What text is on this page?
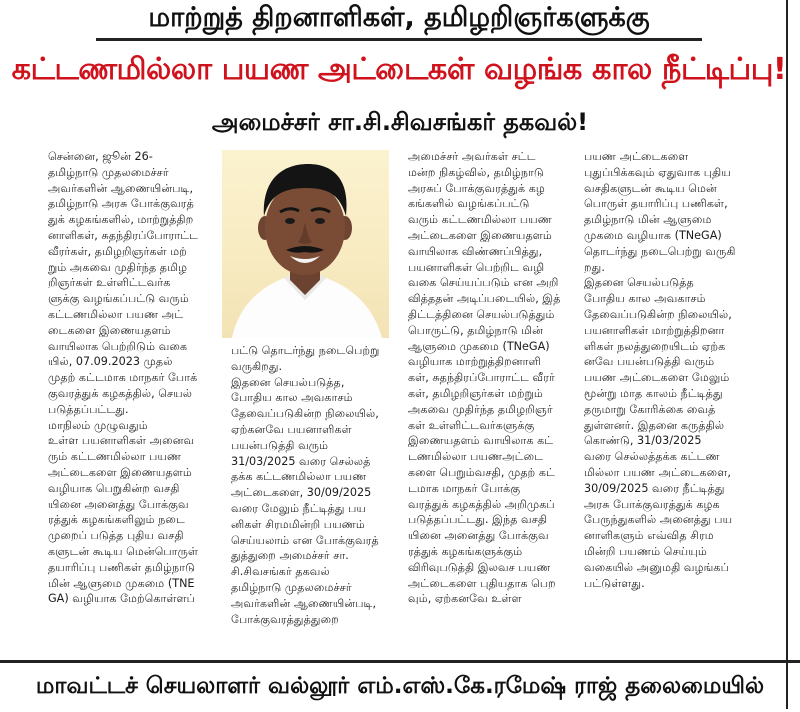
மாற்றுத் திறனாளிகள், தமிழறிஞர்களுக்கு
கட்டணமில்லா பயண அட்டைகள் வழங்க கால நீட்டிப்பு!
அமைச்சர் சா.சி.சிவசங்கர் தகவல்!
சென்னை, ஜூன் 26-
தமிழ்நாடு முதலமைச்சர்
அவர்களின் ஆணையின்படி,
தமிழ்நாடு அரசு போக்குவரத்
துக் கழகங்களில், மாற்றுத்திற
னாளிகள், சுதந்திரப்போராட்ட
வீரர்கள், தமிழறிஞர்கள் மற்
றும் அகவை முதிர்ந்த தமிழ
றிஞர்கள் உள்ளிட்டவர்க
ளுக்கு வழங்கப்பட்டு வரும்
கட்டணமில்லா பயண அட்
டைகளை இணையதளம்
வாயிலாக பெற்றிடும் வகை
யில், 07.09.2023 முதல்
முதற் கட்டமாக மாநகர் போக்
குவரத்துக் கழகத்தில், செயல்
படுத்தப்பட்டது.
மாநிலம் முழுவதும்
உள்ள பயனாளிகள் அனைவ
ரும் கட்டணமில்லா பயண
அட்டைகளை இணையதளம்
வழியாக பெறுகின்ற வசதி
யினை அனைத்து போக்குவ
ரத்துக் கழகங்களிலும் நடை
முறைப் படுத்த புதிய வசதி
களுடன் கூடிய மென்பொருள்
தயாரிப்பு பணிகள் தமிழ்நாடு
மின் ஆளுமை முகமை (TNE
GA) வழியாக மேற்கொள்ளப்
பட்டு தொடர்ந்து நடைபெற்று
வருகிறது.
இதனை செயல்படுத்த,
போதிய கால அவகாசம்
தேவைப்படுகின்ற நிலையில்,
ஏற்கனவே பயனாளிகள்
பயன்படுத்தி வரும்
31/03/2025 வரை செல்லத்
தக்க கட்டணமில்லா பயண
அட்டைகளை, 30/09/2025
வரை மேலும் நீட்டித்து பய
னிகள் சிரமமின்றி பயணம்
செய்யலாம் என போக்குவரத்
துத்துறை அமைச்சர் சா.
சி.சிவசங்கர் தகவல்
தமிழ்நாடு முதலமைச்சர்
அவர்களின் ஆணையின்படி,
போக்குவரத்துத்துறை
அமைச்சர் அவர்கள் சட்ட
மன்ற நிகழ்வில், தமிழ்நாடு
அரசுப் போக்குவரத்துக் கழ
கங்களில் வழங்கப்பட்டு
வரும் கட்டணமில்லா பயண
அட்டைகளை இணையதளம்
வாயிலாக விண்ணப்பித்து,
பயனாளிகள் பெற்றிட வழி
வகை செய்யப்படும் என அறி
வித்ததன் அடிப்படையில், இத்
திட்டத்தினை செயல்படுத்தும்
பொருட்டு, தமிழ்நாடு மின்
ஆளுமை முகமை (TNeGA)
வழியாக மாற்றுத்திறனாளி
கள், சுதந்திரப்போராட்ட வீரர்
கள், தமிழறிஞர்கள் மற்றும்
அகவை முதிர்ந்த தமிழறிஞர்
கள் உள்ளிட்டவர்களுக்கு
இணையதளம் வாயிலாக கட்
டணமில்லா பயணஅட்டை
களை பெறும்வசதி, முதற் கட்
டமாக மாநகர் போக்கு
வரத்துக் கழகத்தில் அறிமுகப்
படுத்தப்பட்டது. இந்த வசதி
யினை அனைத்து போக்குவ
ரத்துக் கழகங்களுக்கும்
விரிவுபடுத்தி இலவச பயண
அட்டைகளை புதியதாக பெற
வும், ஏற்கனவே உள்ள
பயண அட்டைகளை
புதுப்பிக்கவும் ஏதுவாக புதிய
வசதிகளுடன் கூடிய மென்
பொருள் தயாரிப்பு பணிகள்,
தமிழ்நாடு மின் ஆளுமை
முகமை வழியாக (TNeGA)
தொடர்ந்து நடைபெற்று வருகி
றது.
இதனை செயல்படுத்த
போதிய கால அவகாசம்
தேவைப்படுகின்ற நிலையில்,
பயனாளிகள் மாற்றுத்திறனா
ளிகள் நலத்துறையிடம் ஏற்க
னவே பயன்படுத்தி வரும்
பயண அட்டைகளை மேலும்
மூன்று மாத காலம் நீட்டித்து
தருமாறு கோரிக்கை வைத்
துள்ளனர். இதனை கருத்தில்
கொண்டு, 31/03/2025
வரை செல்லத்தக்க கட்டண
மில்லா பயண அட்டைகளை,
30/09/2025 வரை நீட்டித்து
அரசு போக்குவரத்துக் கழக
பேருந்துகளில் அனைத்து பய
னாளிகளும் எவ்வித சிரம
மின்றி பயணம் செய்யும்
வகையில் அனுமதி வழங்கப்
பட்டுள்ளது.
மாவட்டச் செயலாளர் வல்லூர் எம்.எஸ்.கே.ரமேஷ் ராஜ் தலைமையில்
